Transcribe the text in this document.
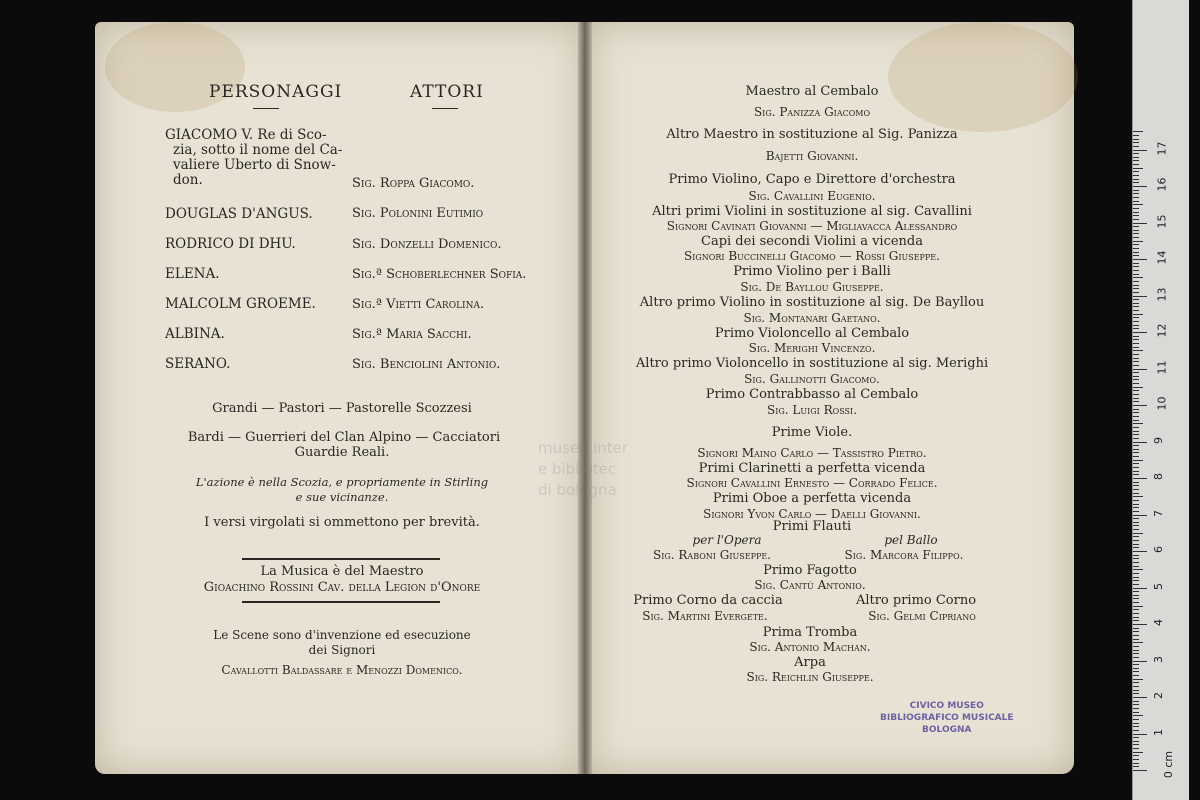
PERSONAGGI	ATTORI
GIACOMO V. Re di Sco-
zia, sotto il nome del Ca-
valiere Uberto di Snow-
don.	Sig. Roppa Giacomo.
DOUGLAS D'ANGUS.	Sig. Polonini Eutimio
RODRICO DI DHU.	Sig. Donzelli Domenico.
ELENA.	Sig.ª Schoberlechner Sofia.
MALCOLM GROEME.	Sig.ª Vietti Carolina.
ALBINA.	Sig.ª Maria Sacchi.
SERANO.	Sig. Benciolini Antonio.
Grandi — Pastori — Pastorelle Scozzesi
Bardi — Guerrieri del Clan Alpino — Cacciatori
Guardie Reali.
L'azione è nella Scozia, e propriamente in Stirling
e sue vicinanze.
I versi virgolati si ommettono per brevità.
La Musica è del Maestro
Gioachino Rossini Cav. della Legion d'Onore
Le Scene sono d'invenzione ed esecuzione
dei Signori
Cavallotti Baldassare e Menozzi Domenico.
museo inter
e bibliotec
di bologna
Maestro al Cembalo
Sig. Panizza Giacomo
Altro Maestro in sostituzione al Sig. Panizza
Bajetti Giovanni.
Primo Violino, Capo e Direttore d'orchestra
Sig. Cavallini Eugenio.
Altri primi Violini in sostituzione al sig. Cavallini
Signori Cavinati Giovanni — Migliavacca Alessandro
Capi dei secondi Violini a vicenda
Signori Buccinelli Giacomo — Rossi Giuseppe.
Primo Violino per i Balli
Sig. De Bayllou Giuseppe.
Altro primo Violino in sostituzione al sig. De Bayllou
Sig. Montanari Gaetano.
Primo Violoncello al Cembalo
Sig. Merighi Vincenzo.
Altro primo Violoncello in sostituzione al sig. Merighi
Sig. Gallinotti Giacomo.
Primo Contrabbasso al Cembalo
Sig. Luigi Rossi.
Prime Viole.
Signori Maino Carlo — Tassistro Pietro.
Primi Clarinetti a perfetta vicenda
Signori Cavallini Ernesto — Corrado Felice.
Primi Oboe a perfetta vicenda
Signori Yvon Carlo — Daelli Giovanni.
Primi Flauti
per l'Opera	pel Ballo
Sig. Raboni Giuseppe.	Sig. Marcora Filippo.
Primo Fagotto
Sig. Cantù Antonio.
Primo Corno da caccia	Altro primo Corno
Sig. Martini Evergete.	Sig. Gelmi Cipriano
Prima Tromba
Sig. Antonio Machan.
Arpa
Sig. Reichlin Giuseppe.
CIVICO MUSEO
BIBLIOGRAFICO MUSICALE
BOLOGNA
0 cm
1
2
3
4
5
6
7
8
9
10
11
12
13
14
15
16
17
